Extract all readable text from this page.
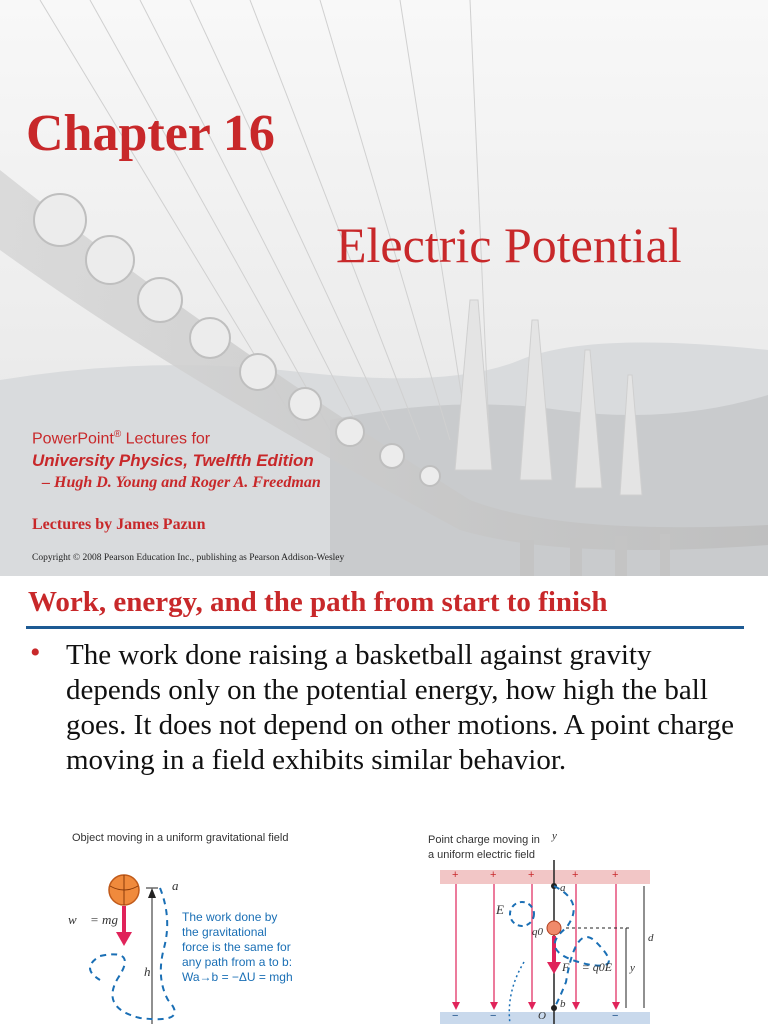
Chapter 16
Electric Potential
PowerPoint® Lectures for
University Physics, Twelfth Edition
– Hugh D. Young and Roger A. Freedman
Lectures by James Pazun
Copyright © 2008 Pearson Education Inc., publishing as Pearson Addison-Wesley
Work, energy, and the path from start to finish
• The work done raising a basketball against gravity depends only on the potential energy, how high the ball goes. It does not depend on other motions. A point charge moving in a field exhibits similar behavior.
Object moving in a uniform gravitational field
w⃗ = mg⃗
a
h
The work done by
the gravitational
force is the same for
any path from a to b:
Wa→b = −ΔU = mgh
Point charge moving in
a uniform electric field
y
a
b
O
E⃗
q0
F⃗ = q0E⃗
d
y
+	+	+	+	+
−	−	−
